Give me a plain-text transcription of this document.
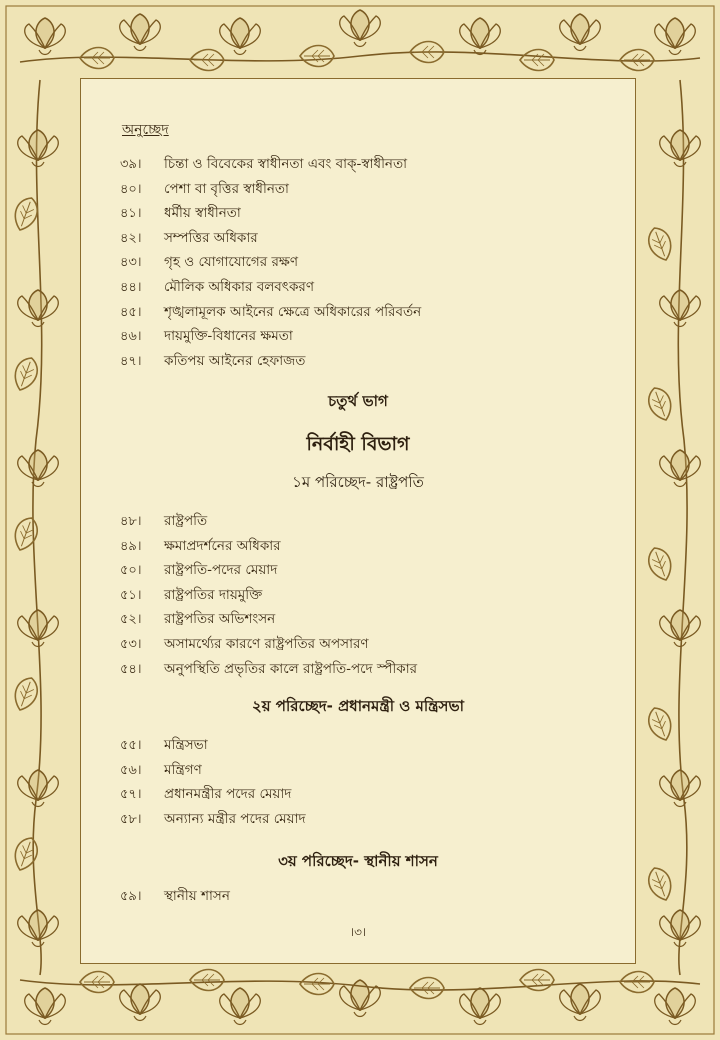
অনুচ্ছেদ
৩৯। চিন্তা ও বিবেকের স্বাধীনতা এবং বাক্-স্বাধীনতা
৪০। পেশা বা বৃত্তির স্বাধীনতা
৪১। ধর্মীয় স্বাধীনতা
৪২। সম্পত্তির অধিকার
৪৩। গৃহ ও যোগাযোগের রক্ষণ
৪৪। মৌলিক অধিকার বলবৎকরণ
৪৫। শৃঙ্খলামূলক আইনের ক্ষেত্রে অধিকারের পরিবর্তন
৪৬। দায়মুক্তি-বিধানের ক্ষমতা
৪৭। কতিপয় আইনের হেফাজত
চতুর্থ ভাগ
নির্বাহী বিভাগ
১ম পরিচ্ছেদ- রাষ্ট্রপতি
৪৮। রাষ্ট্রপতি
৪৯। ক্ষমাপ্রদর্শনের অধিকার
৫০। রাষ্ট্রপতি-পদের মেয়াদ
৫১। রাষ্ট্রপতির দায়মুক্তি
৫২। রাষ্ট্রপতির অভিশংসন
৫৩। অসামর্থ্যের কারণে রাষ্ট্রপতির অপসারণ
৫৪। অনুপস্থিতি প্রভৃতির কালে রাষ্ট্রপতি-পদে স্পীকার
২য় পরিচ্ছেদ- প্রধানমন্ত্রী ও মন্ত্রিসভা
৫৫। মন্ত্রিসভা
৫৬। মন্ত্রিগণ
৫৭। প্রধানমন্ত্রীর পদের মেয়াদ
৫৮। অন্যান্য মন্ত্রীর পদের মেয়াদ
৩য় পরিচ্ছেদ- স্থানীয় শাসন
৫৯। স্থানীয় শাসন
।৩।
